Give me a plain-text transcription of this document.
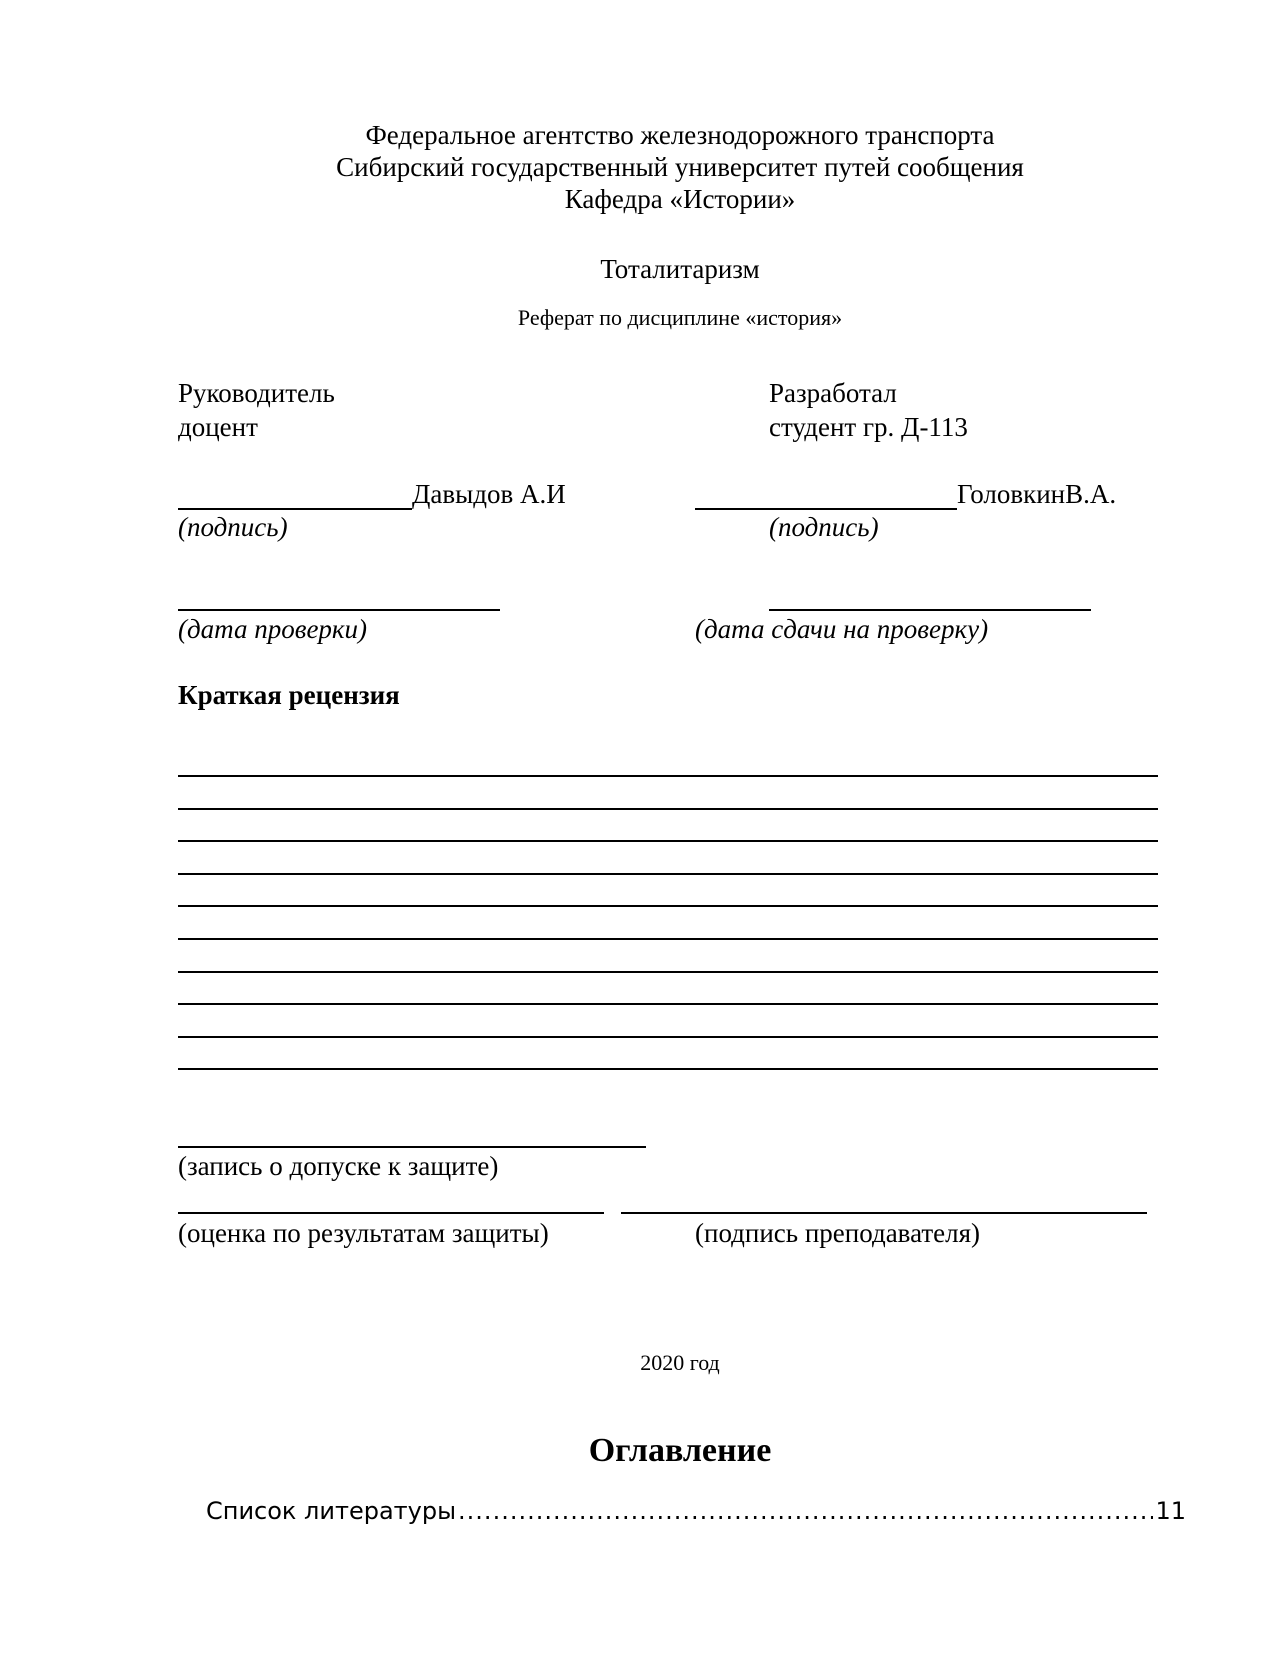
Федеральное агентство железнодорожного транспорта
Сибирский государственный университет путей сообщения
Кафедра «Истории»
Тоталитаризм
Реферат по дисциплине «история»
Руководитель
доцент
Разработал
студент гр. Д-113
Давыдов А.И	ГоловкинВ.А.
(подпись)	(подпись)
(дата проверки)	(дата сдачи на проверку)
Краткая рецензия
(запись о допуске к защите)
(оценка по результатам защиты)	(подпись преподавателя)
2020 год
Оглавление
Список литературы
.....	11
